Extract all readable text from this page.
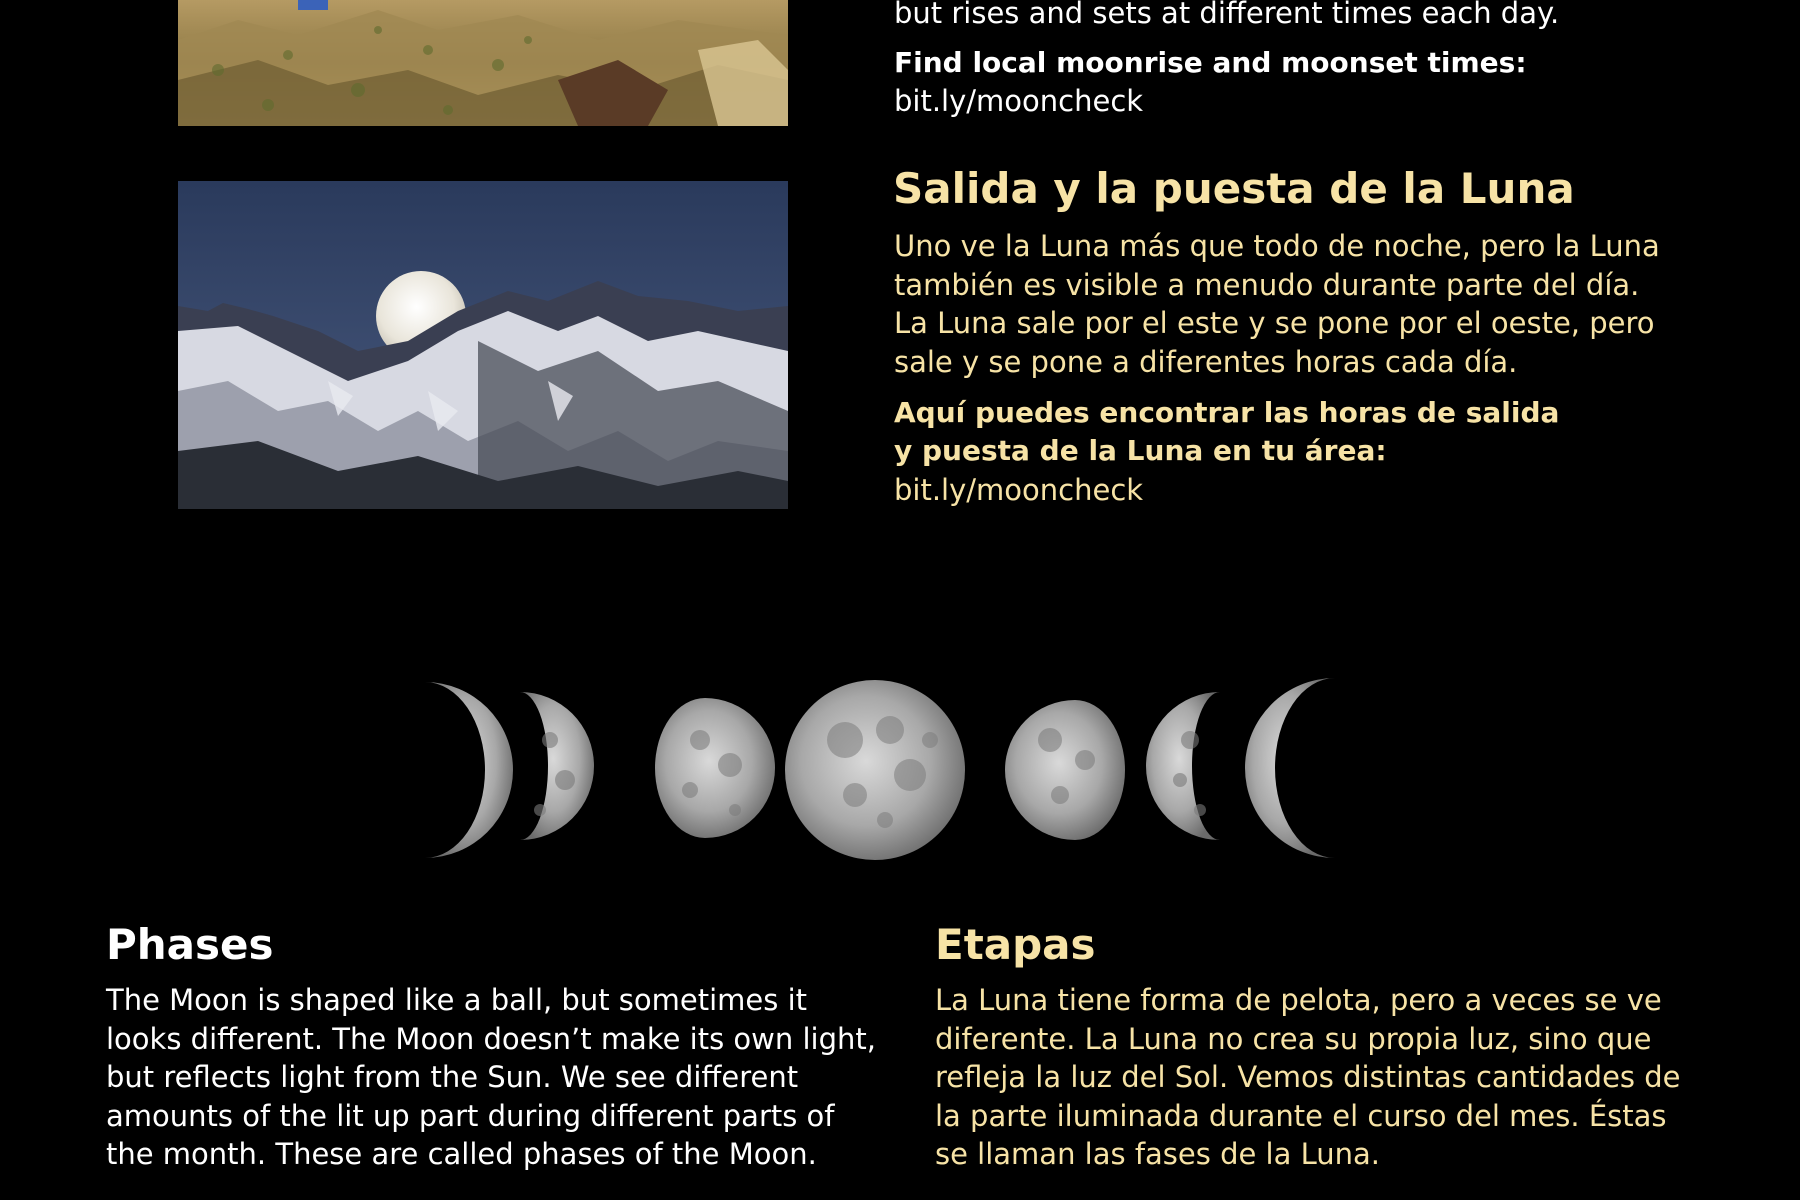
but rises and sets at different times each day.

Find local moonrise and moonset times:

bit.ly/mooncheck

Salida y la puesta de la Luna

Uno ve la Luna más que todo de noche, pero la Luna

también es visible a menudo durante parte del día.

La Luna sale por el este y se pone por el oeste, pero

sale y se pone a diferentes horas cada día.

Aquí puedes encontrar las horas de salida

y puesta de la Luna en tu área:

bit.ly/mooncheck

Phases

The Moon is shaped like a ball, but sometimes it

looks different. The Moon doesn’t make its own light,

but reflects light from the Sun. We see different

amounts of the lit up part during different parts of

the month. These are called phases of the Moon.

Etapas

La Luna tiene forma de pelota, pero a veces se ve

diferente. La Luna no crea su propia luz, sino que

refleja la luz del Sol. Vemos distintas cantidades de

la parte iluminada durante el curso del mes. Éstas

se llaman las fases de la Luna.
